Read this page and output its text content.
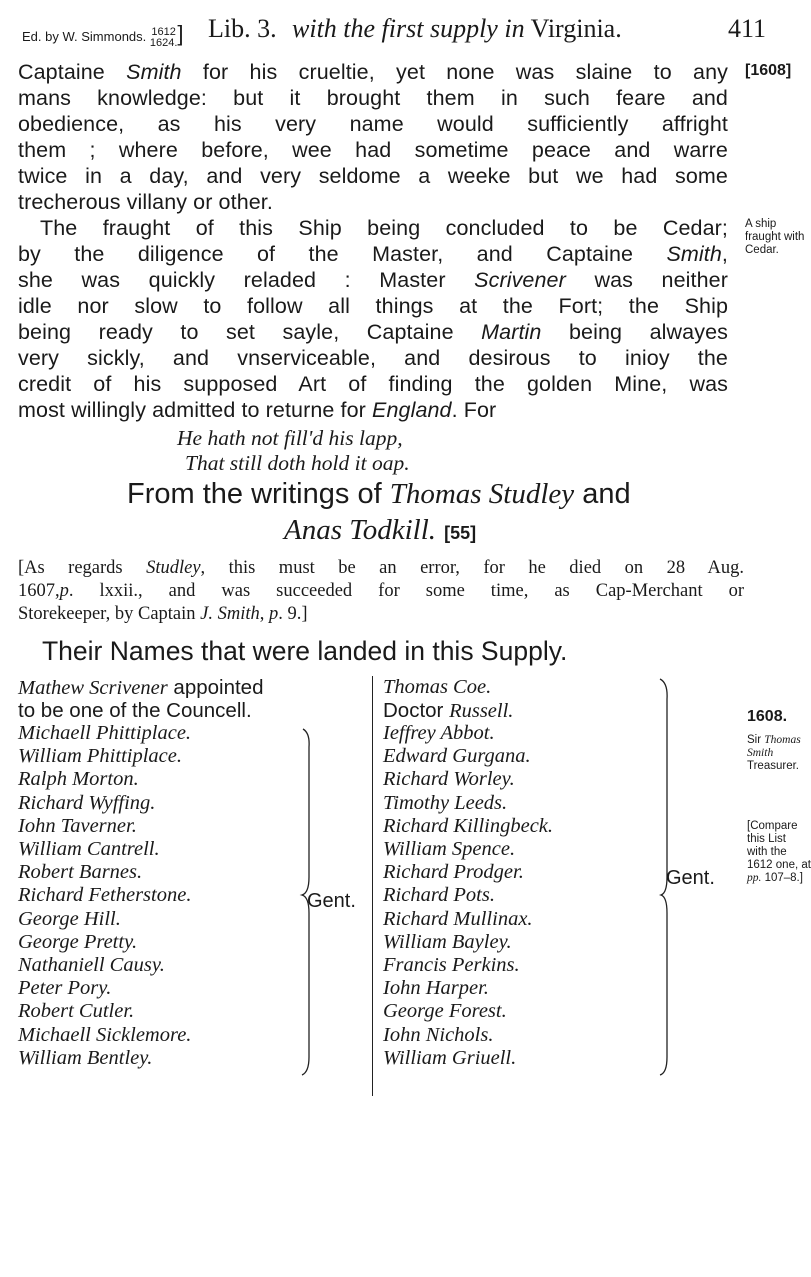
Ed. by W. Simmonds. 1612
1624. ] Lib. 3. with the first supply in Virginia.	411
Captaine Smith for his crueltie, yet none was slaine to any
mans knowledge: but it brought them in such feare and
obedience, as his very name would sufficiently affright
them ; where before, wee had sometime peace and warre
twice in a day, and very seldome a weeke but we had some
trecherous villany or other.
[1608]
The fraught of this Ship being concluded to be Cedar;
by the diligence of the Master, and Captaine Smith,
she was quickly reladed : Master Scrivener was neither
idle nor slow to follow all things at the Fort; the Ship
being ready to set sayle, Captaine Martin being alwayes
very sickly, and vnserviceable, and desirous to inioy the
credit of his supposed Art of finding the golden Mine, was
most willingly admitted to returne for England. For
A ship
fraught with
Cedar.
He hath not fill'd his lapp,
That still doth hold it oap.
From the writings of Thomas Studley and
Anas Todkill. [55]
[As regards Studley, this must be an error, for he died on 28 Aug.
1607,p. lxxii., and was succeeded for some time, as Cap-Merchant or
Storekeeper, by Captain J. Smith, p. 9.]
Their Names that were landed in this Supply.
Mathew Scrivener appointed
to be one of the Councell.
Michaell Phittiplace.
William Phittiplace.
Ralph Morton.
Richard Wyffing.
Iohn Taverner.
William Cantrell.
Robert Barnes.
Richard Fetherstone.
George Hill.
George Pretty.
Nathaniell Causy.
Peter Pory.
Robert Cutler.
Michaell Sicklemore.
William Bentley.
Gent.
Thomas Coe.
Doctor Russell.
Ieffrey Abbot.
Edward Gurgana.
Richard Worley.
Timothy Leeds.
Richard Killingbeck.
William Spence.
Richard Prodger.
Richard Pots.
Richard Mullinax.
William Bayley.
Francis Perkins.
Iohn Harper.
George Forest.
Iohn Nichols.
William Griuell.
Gent.
1608.
Sir Thomas
Smith
Treasurer.
[Compare
this List
with the
1612 one, at
pp. 107–8.]
